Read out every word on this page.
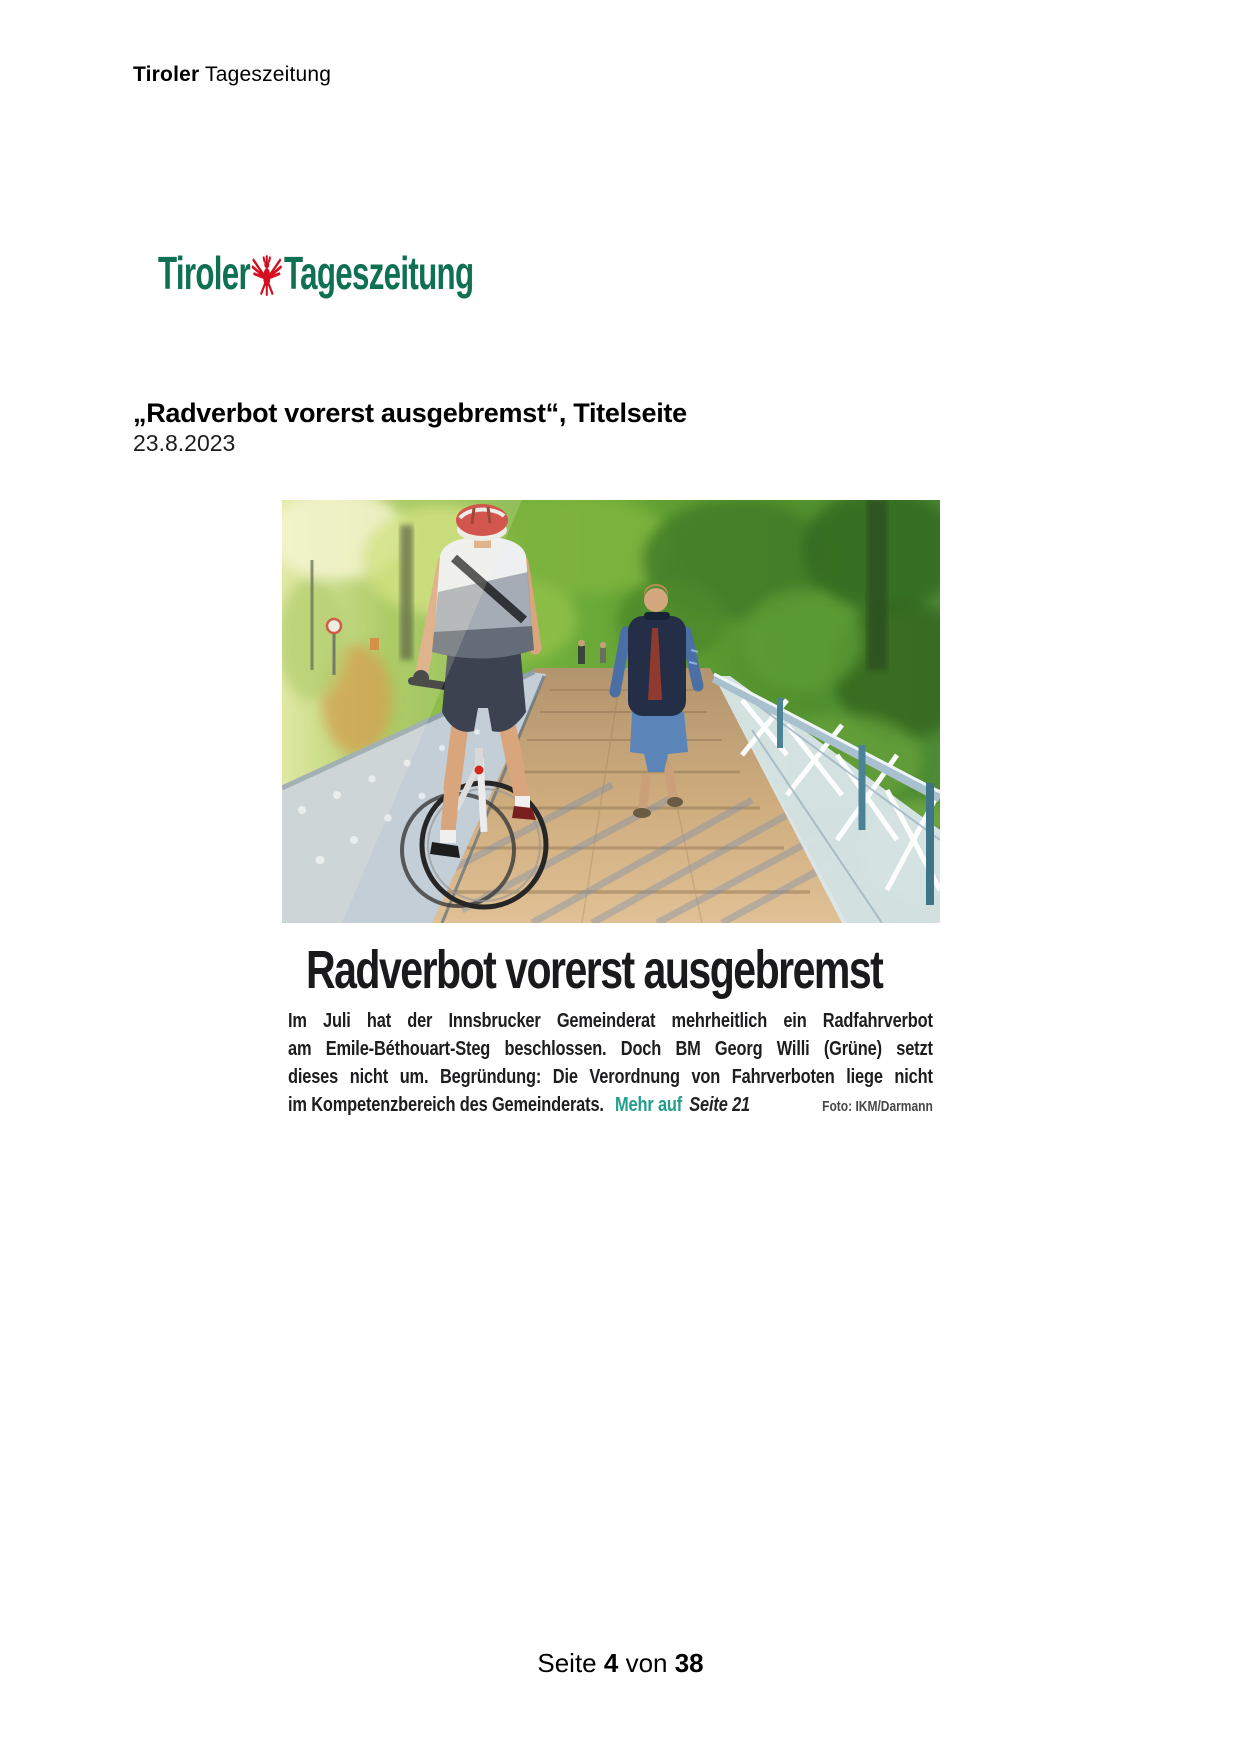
Tiroler Tageszeitung
Tiroler Tageszeitung
„Radverbot vorerst ausgebremst“, Titelseite
23.8.2023
Radverbot vorerst ausgebremst
Im Juli hat der Innsbrucker Gemeinderat mehrheitlich ein Radfahrverbot
am Emile-Béthouart-Steg beschlossen. Doch BM Georg Willi (Grüne) setzt
dieses nicht um. Begründung: Die Verordnung von Fahrverboten liege nicht
im Kompetenzbereich des Gemeinderats. Mehr auf Seite 21	Foto: IKM/Darmann
Seite 4 von 38
